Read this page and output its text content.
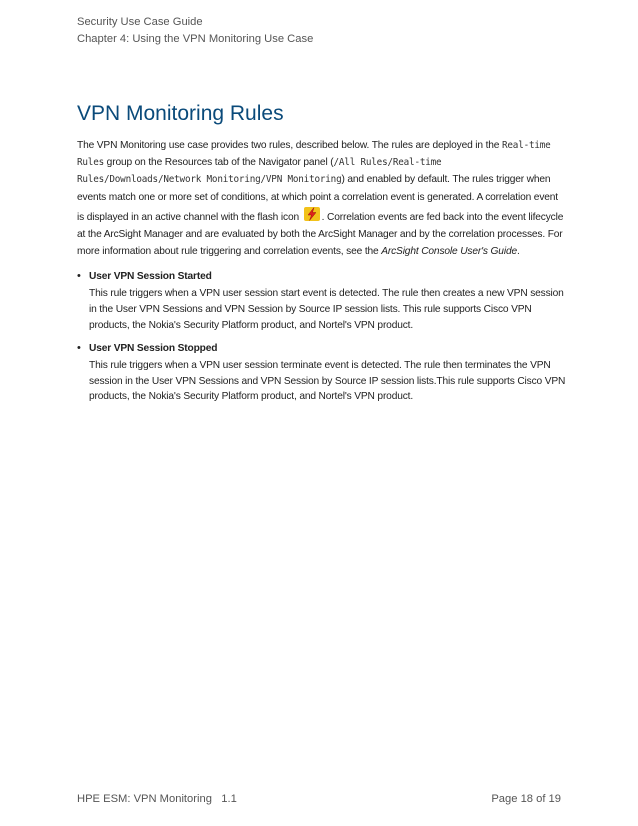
Security Use Case Guide
Chapter 4: Using the VPN Monitoring Use Case
VPN Monitoring Rules

The VPN Monitoring use case provides two rules, described below. The rules are deployed in the Real-time Rules group on the Resources tab of the Navigator panel (/All Rules/Real-time Rules/Downloads/Network Monitoring/VPN Monitoring) and enabled by default. The rules trigger when events match one or more set of conditions, at which point a correlation event is generated. A correlation event is displayed in an active channel with the flash icon . Correlation events are fed back into the event lifecycle at the ArcSight Manager and are evaluated by both the ArcSight Manager and by the correlation processes. For more information about rule triggering and correlation events, see the ArcSight Console User's Guide.

• User VPN Session Started
This rule triggers when a VPN user session start event is detected. The rule then creates a new VPN session in the User VPN Sessions and VPN Session by Source IP session lists. This rule supports Cisco VPN products, the Nokia's Security Platform product, and Nortel's VPN product.
• User VPN Session Stopped
This rule triggers when a VPN user session terminate event is detected. The rule then terminates the VPN session in the User VPN Sessions and VPN Session by Source IP session lists.This rule supports Cisco VPN products, the Nokia's Security Platform product, and Nortel's VPN product.
HPE ESM: VPN Monitoring   1.1	Page 18 of 19
